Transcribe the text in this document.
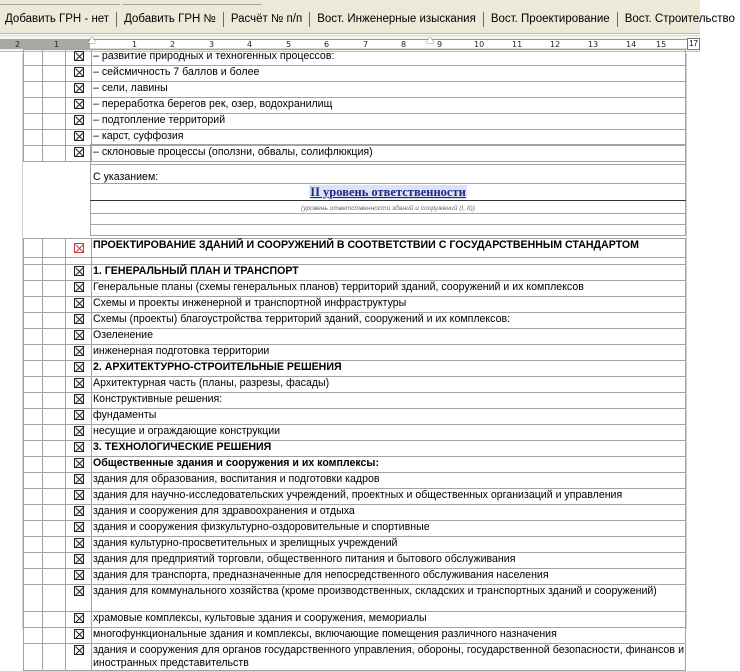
Добавить ГРН - нет	Добавить ГРН №	Расчёт № п/п	Вост. Инженерные изыскания	Вост. Проектирование	Вост. Строительство
2	1	1	2	3	4	5	6	7	8	9	10	11	12	13	14 15	17
			– развитие природных и техногенных процессов:
			– сейсмичность 7 баллов и более
			– сели, лавины
			– переработка берегов рек, озер, водохранилищ
			– подтопление территорий
			– карст, суффозия
			– склоновые процессы (оползни, обвалы, солифлюкция)

С указанием:
II уровень ответственности
(уровень ответственности зданий и сооружений (I, II))

			ПРОЕКТИРОВАНИЕ ЗДАНИЙ И СООРУЖЕНИЙ В СООТВЕТСТВИИ С ГОСУДАРСТВЕННЫМ СТАНДАРТОМ

			1. ГЕНЕРАЛЬНЫЙ ПЛАН И ТРАНСПОРТ
			Генеральные планы (схемы генеральных планов) территорий зданий, сооружений и их комплексов
			Схемы и проекты инженерной и транспортной инфраструктуры
			Схемы (проекты) благоустройства территорий зданий, сооружений и их комплексов:
			Озеленение
			инженерная подготовка территории
			2. АРХИТЕКТУРНО-СТРОИТЕЛЬНЫЕ РЕШЕНИЯ
			Архитектурная часть (планы, разрезы, фасады)
			Конструктивные решения:
			фундаменты
			несущие и ограждающие конструкции
			3. ТЕХНОЛОГИЧЕСКИЕ РЕШЕНИЯ
			Общественные здания и сооружения и их комплексы:
			здания для образования, воспитания и подготовки кадров
			здания для научно-исследовательских учреждений, проектных и общественных организаций и управления
			здания и сооружения для здравоохранения и отдыха
			здания и сооружения физкультурно-оздоровительные и спортивные
			здания культурно-просветительных и зрелищных учреждений
			здания для предприятий торговли, общественного питания и бытового обслуживания
			здания для транспорта, предназначенные для непосредственного обслуживания населения
			здания для коммунального хозяйства (кроме производственных, складских и транспортных зданий и сооружений)
			храмовые комплексы, культовые здания и сооружения, мемориалы
			многофункциональные здания и комплексы, включающие помещения различного назначения
			здания и сооружения для органов государственного управления, обороны, государственной безопасности, финансов и иностранных представительств
